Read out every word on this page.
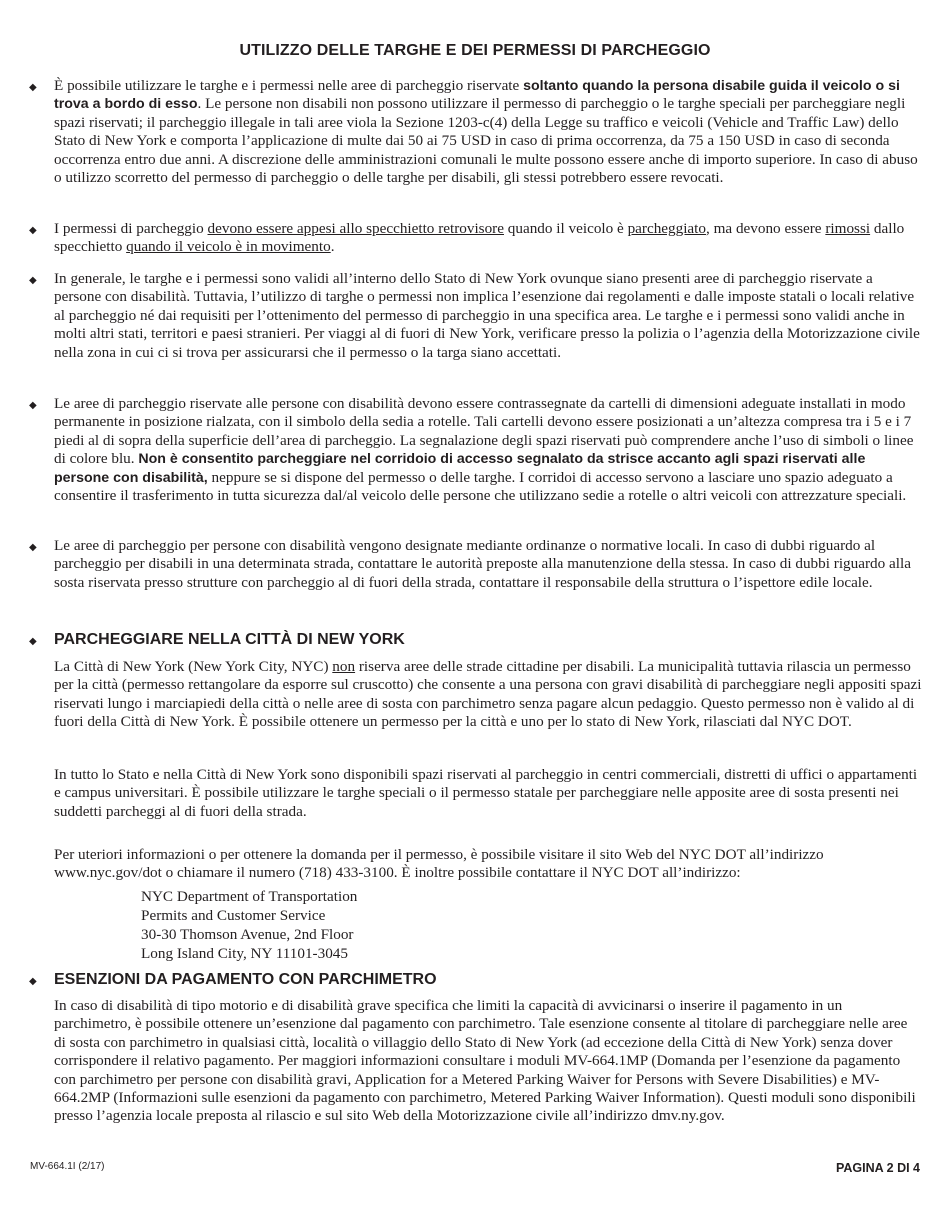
UTILIZZO DELLE TARGHE E DEI PERMESSI DI PARCHEGGIO
◆ È possibile utilizzare le targhe e i permessi nelle aree di parcheggio riservate soltanto quando la persona disabile guida il veicolo o si trova a bordo di esso. Le persone non disabili non possono utilizzare il permesso di parcheggio o le targhe speciali per parcheggiare negli spazi riservati; il parcheggio illegale in tali aree viola la Sezione 1203-c(4) della Legge su traffico e veicoli (Vehicle and Traffic Law) dello Stato di New York e comporta l’applicazione di multe dai 50 ai 75 USD in caso di prima occorrenza, da 75 a 150 USD in caso di seconda occorrenza entro due anni. A discrezione delle amministrazioni comunali le multe possono essere anche di importo superiore. In caso di abuso o utilizzo scorretto del permesso di parcheggio o delle targhe per disabili, gli stessi potrebbero essere revocati.

◆ I permessi di parcheggio devono essere appesi allo specchietto retrovisore quando il veicolo è parcheggiato, ma devono essere rimossi dallo specchietto quando il veicolo è in movimento.

◆ In generale, le targhe e i permessi sono validi all’interno dello Stato di New York ovunque siano presenti aree di parcheggio riservate a persone con disabilità. Tuttavia, l’utilizzo di targhe o permessi non implica l’esenzione dai regolamenti e dalle imposte statali o locali relative al parcheggio né dai requisiti per l’ottenimento del permesso di parcheggio in una specifica area. Le targhe e i permessi sono validi anche in molti altri stati, territori e paesi stranieri. Per viaggi al di fuori di New York, verificare presso la polizia o l’agenzia della Motorizzazione civile nella zona in cui ci si trova per assicurarsi che il permesso o la targa siano accettati.

◆ Le aree di parcheggio riservate alle persone con disabilità devono essere contrassegnate da cartelli di dimensioni adeguate installati in modo permanente in posizione rialzata, con il simbolo della sedia a rotelle. Tali cartelli devono essere posizionati a un’altezza compresa tra i 5 e i 7 piedi al di sopra della superficie dell’area di parcheggio. La segnalazione degli spazi riservati può comprendere anche l’uso di simboli o linee di colore blu. Non è consentito parcheggiare nel corridoio di accesso segnalato da strisce accanto agli spazi riservati alle persone con disabilità, neppure se si dispone del permesso o delle targhe. I corridoi di accesso servono a lasciare uno spazio adeguato a consentire il trasferimento in tutta sicurezza dal/al veicolo delle persone che utilizzano sedie a rotelle o altri veicoli con attrezzature speciali.

◆ Le aree di parcheggio per persone con disabilità vengono designate mediante ordinanze o normative locali. In caso di dubbi riguardo al parcheggio per disabili in una determinata strada, contattare le autorità preposte alla manutenzione della stessa. In caso di dubbi riguardo alla sosta riservata presso strutture con parcheggio al di fuori della strada, contattare il responsabile della struttura o l’ispettore edile locale.

◆ PARCHEGGIARE NELLA CITTÀ DI NEW YORK

La Città di New York (New York City, NYC) non riserva aree delle strade cittadine per disabili. La municipalità tuttavia rilascia un permesso per la città (permesso rettangolare da esporre sul cruscotto) che consente a una persona con gravi disabilità di parcheggiare negli appositi spazi riservati lungo i marciapiedi della città o nelle aree di sosta con parchimetro senza pagare alcun pedaggio. Questo permesso non è valido al di fuori della Città di New York. È possibile ottenere un permesso per la città e uno per lo stato di New York, rilasciati dal NYC DOT.

In tutto lo Stato e nella Città di New York sono disponibili spazi riservati al parcheggio in centri commerciali, distretti di uffici o appartamenti e campus universitari. È possibile utilizzare le targhe speciali o il permesso statale per parcheggiare nelle apposite aree di sosta presenti nei suddetti parcheggi al di fuori della strada.

Per uteriori informazioni o per ottenere la domanda per il permesso, è possibile visitare il sito Web del NYC DOT all’indirizzo www.nyc.gov/dot o chiamare il numero (718) 433-3100. È inoltre possibile contattare il NYC DOT all’indirizzo:

NYC Department of Transportation
Permits and Customer Service
30-30 Thomson Avenue, 2nd Floor
Long Island City, NY 11101-3045
◆ ESENZIONI DA PAGAMENTO CON PARCHIMETRO

In caso di disabilità di tipo motorio e di disabilità grave specifica che limiti la capacità di avvicinarsi o inserire il pagamento in un parchimetro, è possibile ottenere un’esenzione dal pagamento con parchimetro. Tale esenzione consente al titolare di parcheggiare nelle aree di sosta con parchimetro in qualsiasi città, località o villaggio dello Stato di New York (ad eccezione della Città di New York) senza dover corrispondere il relativo pagamento. Per maggiori informazioni consultare i moduli MV-664.1MP (Domanda per l’esenzione da pagamento con parchimetro per persone con disabilità gravi, Application for a Metered Parking Waiver for Persons with Severe Disabilities) e MV-664.2MP (Informazioni sulle esenzioni da pagamento con parchimetro, Metered Parking Waiver Information). Questi moduli sono disponibili presso l’agenzia locale preposta al rilascio e sul sito Web della Motorizzazione civile all’indirizzo dmv.ny.gov.

MV-664.1I (2/17)	PAGINA 2 DI 4
